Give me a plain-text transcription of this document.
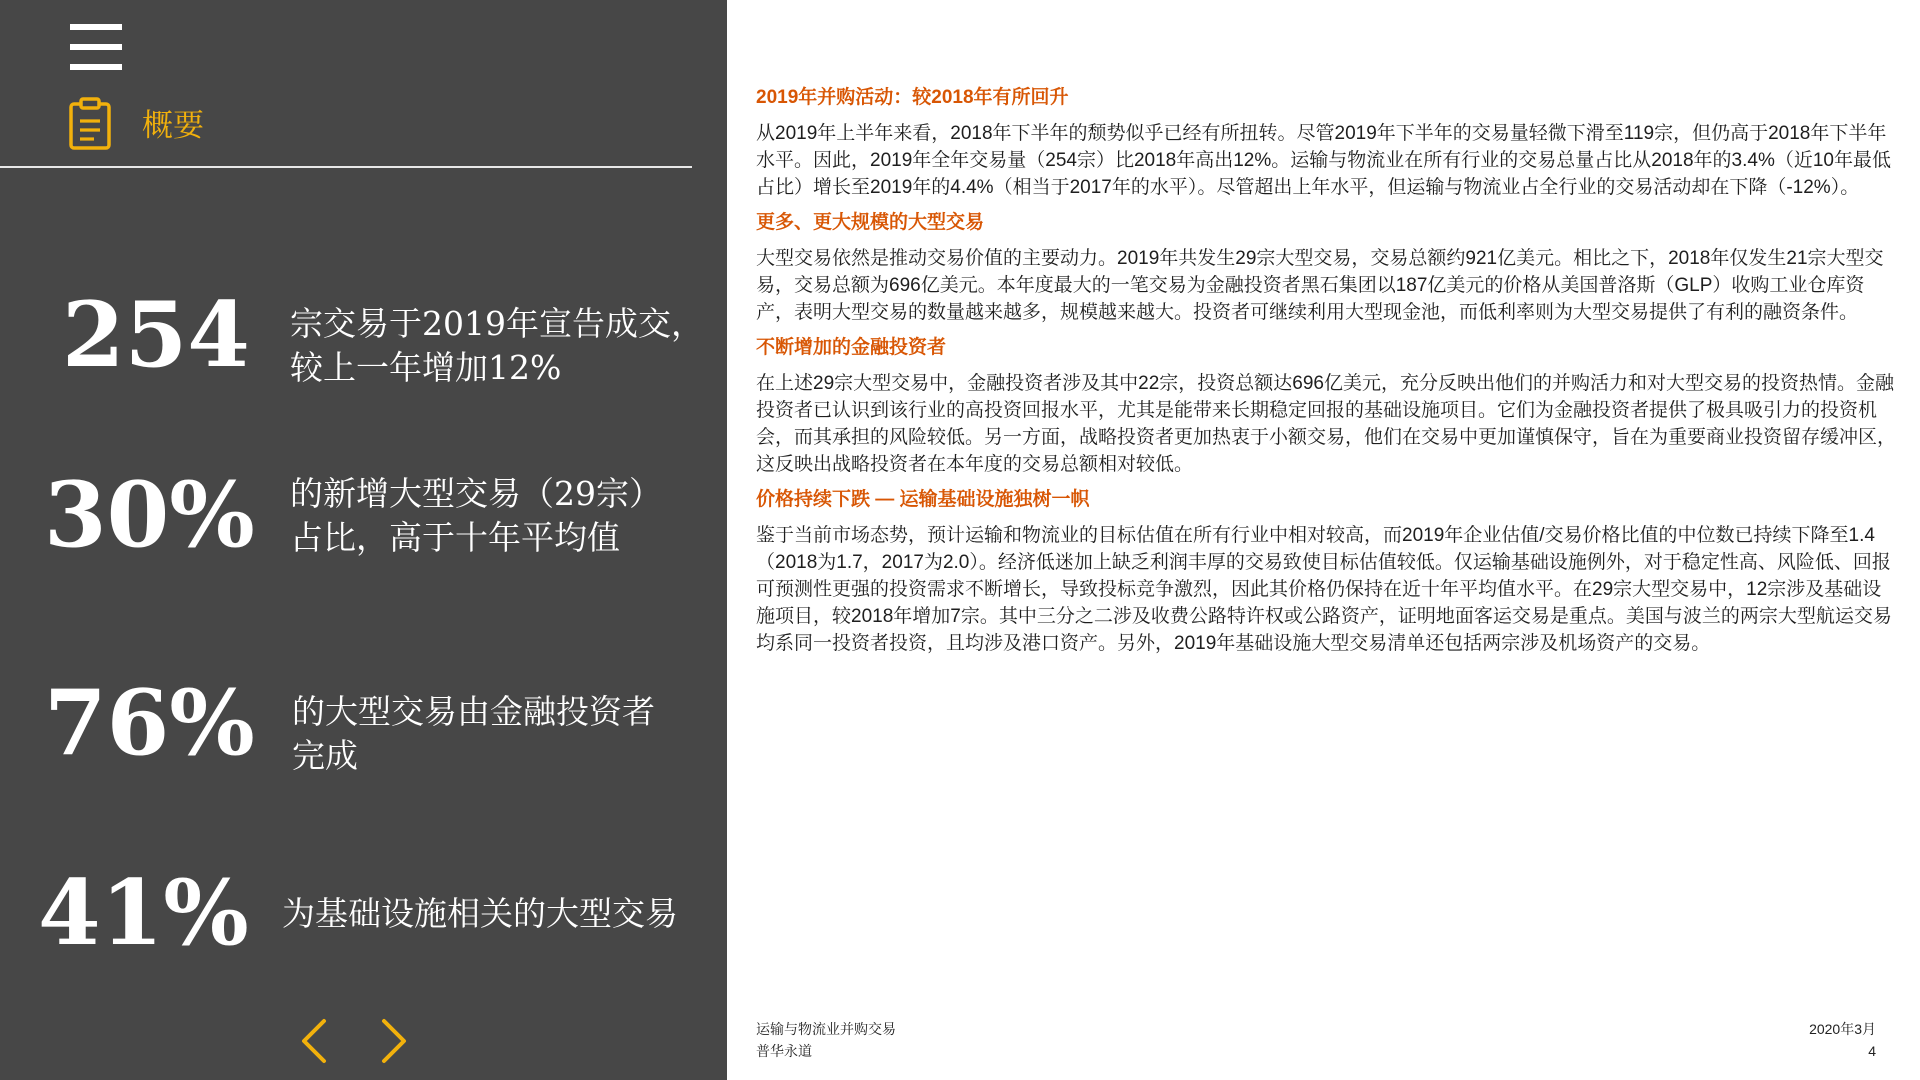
概要
254 宗交易于2019年宣告成交，
较上一年增加12%
30% 的新增大型交易（29宗）
占比，高于十年平均值
76% 的大型交易由金融投资者
完成
41% 为基础设施相关的大型交易
2019年并购活动：较2018年有所回升

从2019年上半年来看，2018年下半年的颓势似乎已经有所扭转。尽管2019年下半年的交易量轻微下滑至119宗，但仍高于2018年下半年水平。因此，2019年全年交易量（254宗）比2018年高出12%。运输与物流业在所有行业的交易总量占比从2018年的3.4%（近10年最低占比）增长至2019年的4.4%（相当于2017年的水平）。尽管超出上年水平，但运输与物流业占全行业的交易活动却在下降（-12%）。

更多、更大规模的大型交易

大型交易依然是推动交易价值的主要动力。2019年共发生29宗大型交易，交易总额约921亿美元。相比之下，2018年仅发生21宗大型交易，交易总额为696亿美元。本年度最大的一笔交易为金融投资者黑石集团以187亿美元的价格从美国普洛斯（GLP）收购工业仓库资产，表明大型交易的数量越来越多，规模越来越大。投资者可继续利用大型现金池，而低利率则为大型交易提供了有利的融资条件。

不断增加的金融投资者

在上述29宗大型交易中，金融投资者涉及其中22宗，投资总额达696亿美元，充分反映出他们的并购活力和对大型交易的投资热情。金融投资者已认识到该行业的高投资回报水平，尤其是能带来长期稳定回报的基础设施项目。它们为金融投资者提供了极具吸引力的投资机会，而其承担的风险较低。另一方面，战略投资者更加热衷于小额交易，他们在交易中更加谨慎保守，旨在为重要商业投资留存缓冲区，这反映出战略投资者在本年度的交易总额相对较低。

价格持续下跌 — 运输基础设施独树一帜

鉴于当前市场态势，预计运输和物流业的目标估值在所有行业中相对较高，而2019年企业估值/交易价格比值的中位数已持续下降至1.4（2018为1.7，2017为2.0）。经济低迷加上缺乏利润丰厚的交易致使目标估值较低。仅运输基础设施例外，对于稳定性高、风险低、回报可预测性更强的投资需求不断增长，导致投标竞争激烈，因此其价格仍保持在近十年平均值水平。在29宗大型交易中，12宗涉及基础设施项目，较2018年增加7宗。其中三分之二涉及收费公路特许权或公路资产，证明地面客运交易是重点。美国与波兰的两宗大型航运交易均系同一投资者投资，且均涉及港口资产。另外，2019年基础设施大型交易清单还包括两宗涉及机场资产的交易。

运输与物流业并购交易
普华永道
2020年3月
4
